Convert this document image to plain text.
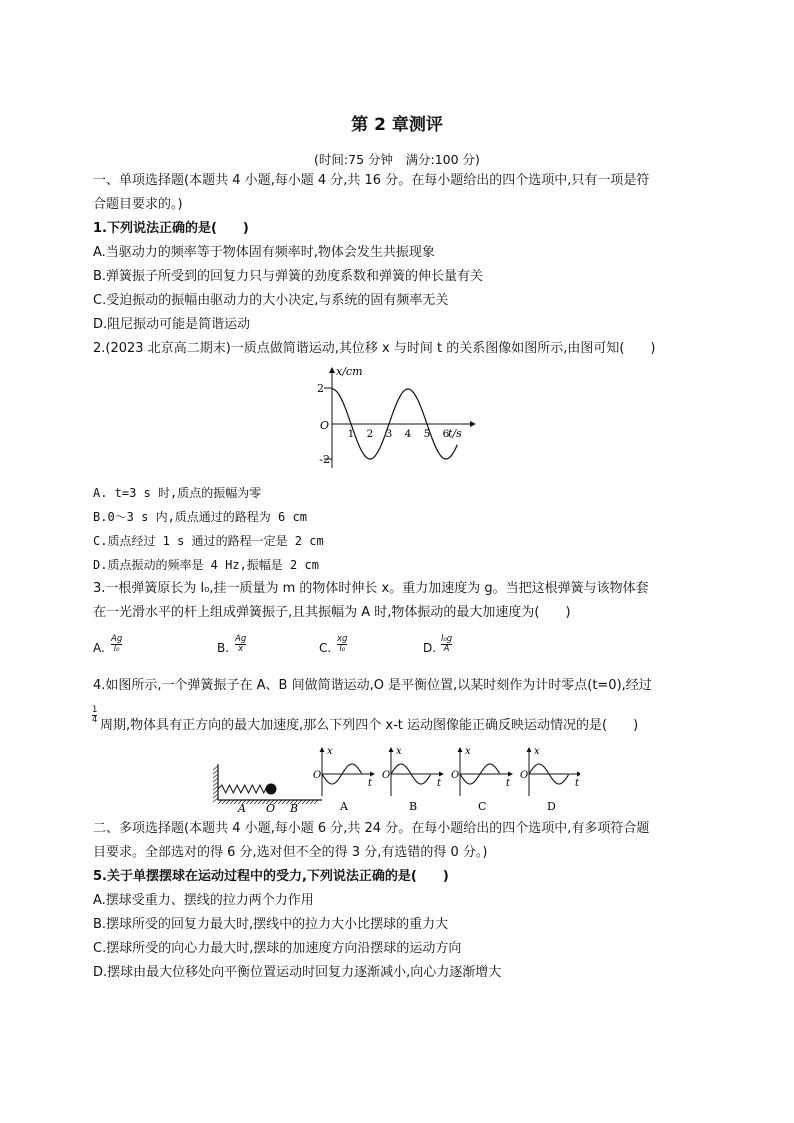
第 2 章测评
(时间:75 分钟　满分:100 分)
一、单项选择题(本题共 4 小题,每小题 4 分,共 16 分。在每小题给出的四个选项中,只有一项是符
合题目要求的。)
1.下列说法正确的是(　　)
A.当驱动力的频率等于物体固有频率时,物体会发生共振现象
B.弹簧振子所受到的回复力只与弹簧的劲度系数和弹簧的伸长量有关
C.受迫振动的振幅由驱动力的大小决定,与系统的固有频率无关
D.阻尼振动可能是简谐运动
2.(2023 北京高二期末)一质点做简谐运动,其位移 x 与时间 t 的关系图像如图所示,由图可知(　　)
x/cm
t/s
O
2
-2
1 2 3 4 5 6
A. t=3 s 时,质点的振幅为零
B.0～3 s 内,质点通过的路程为 6 cm
C.质点经过 1 s 通过的路程一定是 2 cm
D.质点振动的频率是 4 Hz,振幅是 2 cm
3.一根弹簧原长为 l₀,挂一质量为 m 的物体时伸长 x。重力加速度为 g。当把这根弹簧与该物体套
在一光滑水平的杆上组成弹簧振子,且其振幅为 A 时,物体振动的最大加速度为(　　)
A.
Ag
l₀	B.
Ag
x	C.
xg
l₀	D.
l₀g
A
4.如图所示,一个弹簧振子在 A、B 间做简谐运动,O 是平衡位置,以某时刻作为计时零点(t=0),经过
$\frac{1}{4}$
周期,物体具有正方向的最大加速度,那么下列四个 x-t 运动图像能正确反映运动情况的是(　　)
A O B
x
t
O
A
x
t
O
B
x
t
O
C
x
t
O
D
二、多项选择题(本题共 4 小题,每小题 6 分,共 24 分。在每小题给出的四个选项中,有多项符合题
目要求。全部选对的得 6 分,选对但不全的得 3 分,有选错的得 0 分。)
5.关于单摆摆球在运动过程中的受力,下列说法正确的是(　　)
A.摆球受重力、摆线的拉力两个力作用
B.摆球所受的回复力最大时,摆线中的拉力大小比摆球的重力大
C.摆球所受的向心力最大时,摆球的加速度方向沿摆球的运动方向
D.摆球由最大位移处向平衡位置运动时回复力逐渐减小,向心力逐渐增大
